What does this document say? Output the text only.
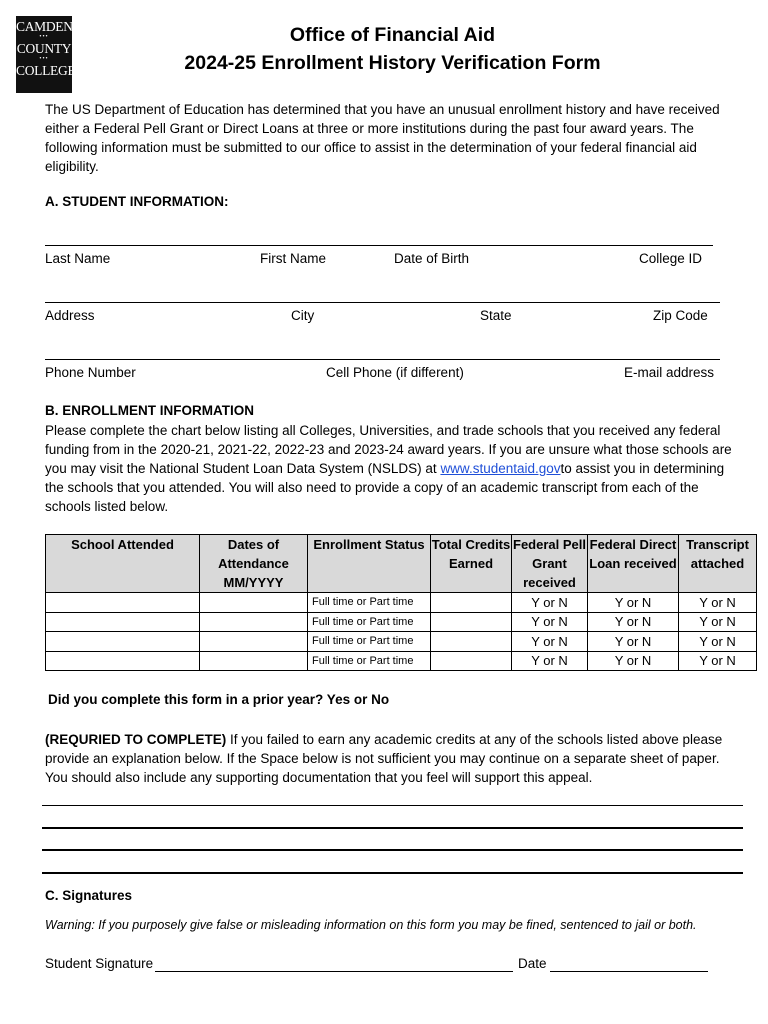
CAMDEN
•••
COUNTY
•••
COLLEGE
Office of Financial Aid
2024-25 Enrollment History Verification Form
The US Department of Education has determined that you have an unusual enrollment history and have received either a Federal Pell Grant or Direct Loans at three or more institutions during the past four award years. The following information must be submitted to our office to assist in the determination of your federal financial aid eligibility.
A. STUDENT INFORMATION:
Last Name	First Name	Date of Birth	College ID
Address	City	State	Zip Code
Phone Number	Cell Phone (if different)	E-mail address
B. ENROLLMENT INFORMATION
Please complete the chart below listing all Colleges, Universities, and trade schools that you received any federal funding from in the 2020-21, 2021-22, 2022-23 and 2023-24 award years. If you are unsure what those schools are you may visit the National Student Loan Data System (NSLDS) at www.studentaid.govto assist you in determining the schools that you attended. You will also need to provide a copy of an academic transcript from each of the schools listed below.
School Attended	Dates of Attendance MM/YYYY	Enrollment Status	Total Credits Earned	Federal Pell Grant received	Federal Direct Loan received	Transcript attached
		Full time or Part time		Y or N	Y or N	Y or N
		Full time or Part time		Y or N	Y or N	Y or N
		Full time or Part time		Y or N	Y or N	Y or N
		Full time or Part time		Y or N	Y or N	Y or N
Did you complete this form in a prior year? Yes or No
(REQURIED TO COMPLETE) If you failed to earn any academic credits at any of the schools listed above please provide an explanation below. If the Space below is not sufficient you may continue on a separate sheet of paper. You should also include any supporting documentation that you feel will support this appeal.
C. Signatures
Warning: If you purposely give false or misleading information on this form you may be fined, sentenced to jail or both.
Student Signature	Date
